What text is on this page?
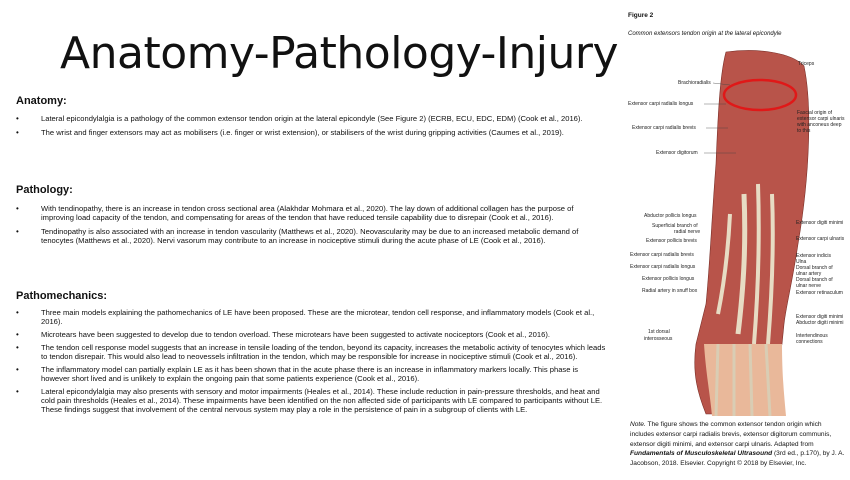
Anatomy-Pathology-Injury

Anatomy:

• Lateral epicondylalgia is a pathology of the common extensor tendon origin at the lateral epicondyle (See Figure 2) (ECRB, ECU, EDC, EDM) (Cook et al., 2016).
• The wrist and finger extensors may act as mobilisers (i.e. finger or wrist extension), or stabilisers of the wrist during gripping activities (Caumes et al., 2019).

Pathology:

• With tendinopathy, there is an increase in tendon cross sectional area (Alakhdar Mohmara et al., 2020). The lay down of additional collagen has the purpose of improving load capacity of the tendon, and compensating for areas of the tendon that have reduced tensile capability due to disrepair (Cook et al., 2016).
• Tendinopathy is also associated with an increase in tendon vascularity (Matthews et al., 2020). Neovascularity may be due to an increased metabolic demand of tenocytes (Matthews et al., 2020). Nervi vasorum may contribute to an increase in nociceptive stimuli during the acute phase of LE (Cook et al., 2016).

Pathomechanics:

• Three main models explaining the pathomechanics of LE have been proposed. These are the microtear, tendon cell response, and inflammatory models (Cook et al., 2016).
• Microtears have been suggested to develop due to tendon overload. These microtears have been suggested to activate nociceptors (Cook et al., 2016).
• The tendon cell response model suggests that an increase in tensile loading of the tendon, beyond its capacity, increases the metabolic activity of tenocytes which leads to tendon disrepair. This would also lead to neovessels infiltration in the tendon, which may be responsible for increase in nociceptive stimuli (Cook et al., 2016).
• The inflammatory model can partially explain LE as it has been shown that in the acute phase there is an increase in inflammatory markers locally. This phase is however short lived and is unlikely to explain the ongoing pain that some patients experience (Cook et al., 2016).
• Lateral epicondylalgia may also presents with sensory and motor impairments (Heales et al., 2014). These include reduction in pain-pressure thresholds, and heat and cold pain thresholds (Heales et al., 2014). These impairments have been identified on the non affected side of participants with LE compared to participants without LE. These findings suggest that involvement of the central nervous system may play a role in the persistence of pain in a subgroup of clients with LE.
Figure 2
Common extensors tendon origin at the lateral epicondyle
Brachioradialis
Extensor carpi radialis longus
Extensor carpi radialis brevis
Extensor digitorum
Abductor pollicis longus
Superficial branch of
radial nerve
Extensor pollicis brevis
Extensor carpi radialis brevis
Extensor carpi radialis longus
Extensor pollicis longus
Radial artery in snuff box
1st dorsal
interosseous
Triceps
Fascial origin of
extensor carpi ulnaris
with anconeus deep
to this
Extensor digiti minimi
Extensor carpi ulnaris
Extensor indicis
Ulna
Dorsal branch of
ulnar artery
Dorsal branch of
ulnar nerve
Extensor retinaculum
Extensor digiti minimi
Abductor digiti minimi
Intertendinous
connections
Note. The figure shows the common extensor tendon origin which includes extensor carpi radialis brevis, extensor digitorum communis, extensor digiti minimi, and extensor carpi ulnaris. Adapted from Fundamentals of Musculoskeletal Ultrasound (3rd ed., p.170), by J. A. Jacobson, 2018. Elsevier. Copyright © 2018 by Elsevier, Inc.
